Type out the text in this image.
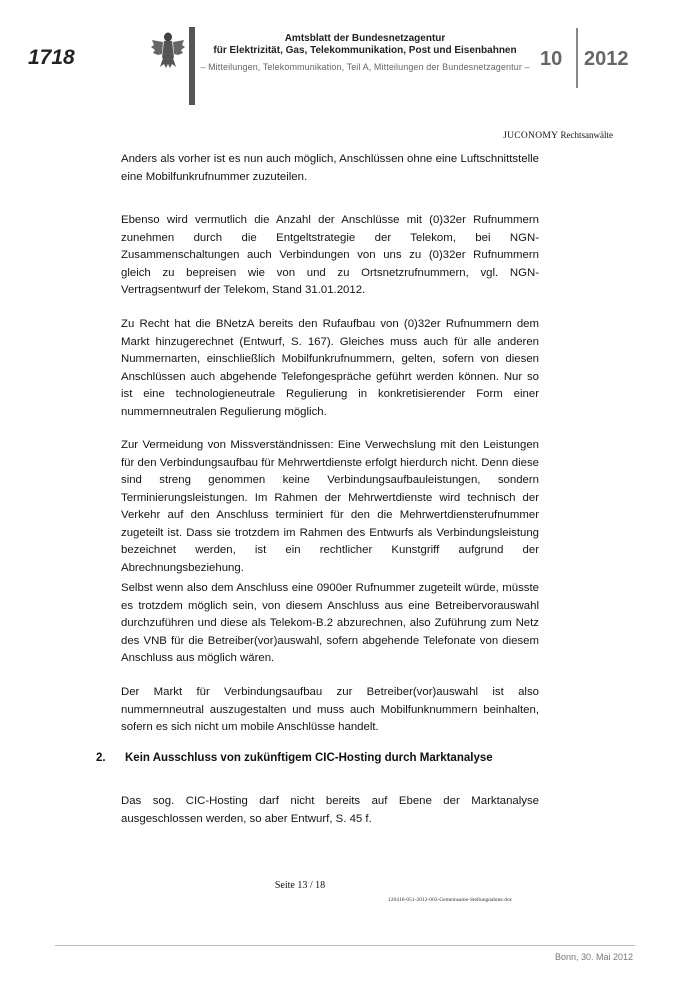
1718
Amtsblatt der Bundesnetzagentur
für Elektrizität, Gas, Telekommunikation, Post und Eisenbahnen
– Mitteilungen, Telekommunikation, Teil A, Mitteilungen der Bundesnetzagentur – 10 2012
JUCONOMY Rechtsanwälte

Anders als vorher ist es nun auch möglich, Anschlüssen ohne eine Luftschnittstelle eine Mobilfunkrufnummer zuzuteilen.

Ebenso wird vermutlich die Anzahl der Anschlüsse mit (0)32er Rufnummern zunehmen durch die Entgeltstrategie der Telekom, bei NGN-Zusammenschaltungen auch Verbindungen von uns zu (0)32er Rufnummern gleich zu bepreisen wie von und zu Ortsnetzrufnummern, vgl. NGN-Vertragsentwurf der Telekom, Stand 31.01.2012.

Zu Recht hat die BNetzA bereits den Rufaufbau von (0)32er Rufnummern dem Markt hinzugerechnet (Entwurf, S. 167). Gleiches muss auch für alle anderen Nummernarten, einschließlich Mobilfunkrufnummern, gelten, sofern von diesen Anschlüssen auch abgehende Telefongespräche geführt werden können. Nur so ist eine technologieneutrale Regulierung in konkretisierender Form einer nummernneutralen Regulierung möglich.

Zur Vermeidung von Missverständnissen: Eine Verwechslung mit den Leistungen für den Verbindungsaufbau für Mehrwertdienste erfolgt hierdurch nicht. Denn diese sind streng genommen keine Verbindungsaufbauleistungen, sondern Terminierungsleistungen. Im Rahmen der Mehrwertdienste wird technisch der Verkehr auf den Anschluss terminiert für den die Mehrwertdiensterufnummer zugeteilt ist. Dass sie trotzdem im Rahmen des Entwurfs als Verbindungsleistung bezeichnet werden, ist ein rechtlicher Kunstgriff aufgrund der Abrechnungsbeziehung.

Selbst wenn also dem Anschluss eine 0900er Rufnummer zugeteilt würde, müsste es trotzdem möglich sein, von diesem Anschluss aus eine Betreibervorauswahl durchzuführen und diese als Telekom-B.2 abzurechnen, also Zuführung zum Netz des VNB für die Betreiber(vor)auswahl, sofern abgehende Telefonate von diesem Anschluss aus möglich wären.

Der Markt für Verbindungsaufbau zur Betreiber(vor)auswahl ist also nummernneutral auszugestalten und muss auch Mobilfunknummern beinhalten, sofern es sich nicht um mobile Anschlüsse handelt.

2. Kein Ausschluss von zukünftigem CIC-Hosting durch Marktanalyse

Das sog. CIC-Hosting darf nicht bereits auf Ebene der Marktanalyse ausgeschlossen werden, so aber Entwurf, S. 45 f.

Seite 13 / 18
120416-051-2012-003-Gemeinsame-Stellungnahme.doc
Bonn, 30. Mai 2012
